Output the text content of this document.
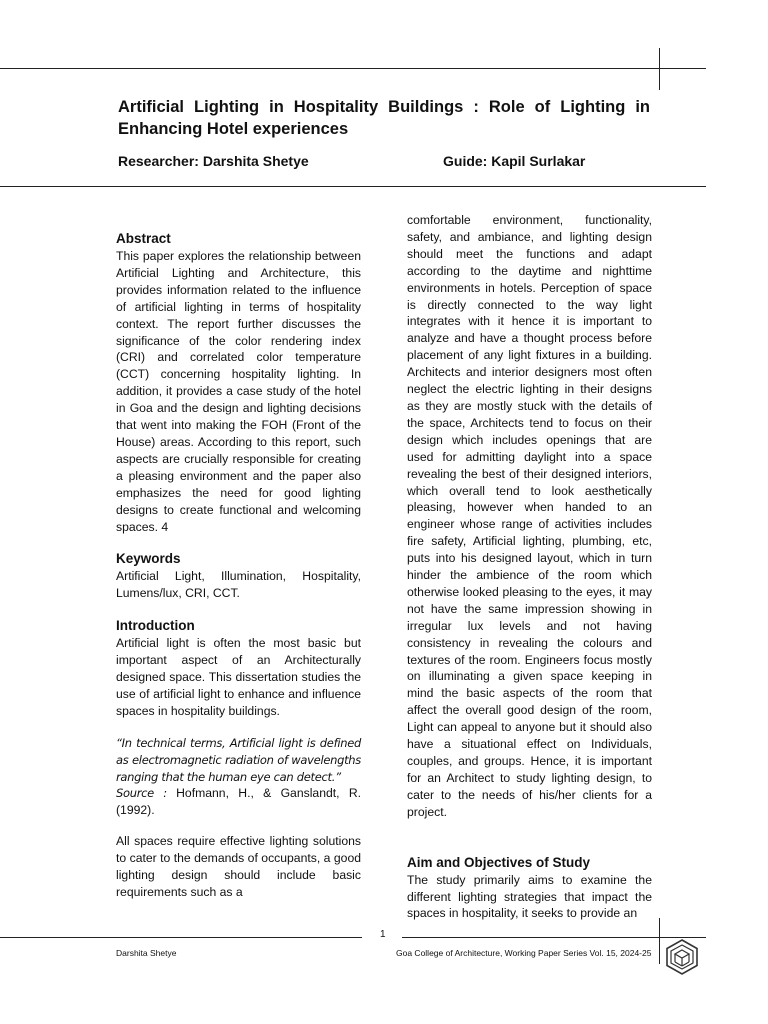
Artificial Lighting in Hospitality Buildings : Role of Lighting in Enhancing Hotel experiences

Researcher: Darshita Shetye	Guide: Kapil Surlakar

Abstract

This paper explores the relationship between Artificial Lighting and Architecture, this provides information related to the influence of artificial lighting in terms of hospitality context. The report further discusses the significance of the color rendering index (CRI) and correlated color temperature (CCT) concerning hospitality lighting. In addition, it provides a case study of the hotel in Goa and the design and lighting decisions that went into making the FOH (Front of the House) areas. According to this report, such aspects are crucially responsible for creating a pleasing environment and the paper also emphasizes the need for good lighting designs to create functional and welcoming spaces. 4

Keywords

Artificial Light, Illumination, Hospitality, Lumens/lux, CRI, CCT.

Introduction

Artificial light is often the most basic but important aspect of an Architecturally designed space. This dissertation studies the use of artificial light to enhance and influence spaces in hospitality buildings.

“In technical terms, Artificial light is defined as electromagnetic radiation of wavelengths ranging that the human eye can detect.”

Source : Hofmann, H., & Ganslandt, R. (1992).

All spaces require effective lighting solutions to cater to the demands of occupants, a good lighting design should include basic requirements such as a

comfortable environment, functionality, safety, and ambiance, and lighting design should meet the functions and adapt according to the daytime and nighttime environments in hotels. Perception of space is directly connected to the way light integrates with it hence it is important to analyze and have a thought process before placement of any light fixtures in a building. Architects and interior designers most often neglect the electric lighting in their designs as they are mostly stuck with the details of the space, Architects tend to focus on their design which includes openings that are used for admitting daylight into a space revealing the best of their designed interiors, which overall tend to look aesthetically pleasing, however when handed to an engineer whose range of activities includes fire safety, Artificial lighting, plumbing, etc, puts into his designed layout, which in turn hinder the ambience of the room which otherwise looked pleasing to the eyes, it may not have the same impression showing in irregular lux levels and not having consistency in revealing the colours and textures of the room. Engineers focus mostly on illuminating a given space keeping in mind the basic aspects of the room that affect the overall good design of the room, Light can appeal to anyone but it should also have a situational effect on Individuals, couples, and groups. Hence, it is important for an Architect to study lighting design, to cater to the needs of his/her clients for a project.

Aim and Objectives of Study

The study primarily aims to examine the different lighting strategies that impact the spaces in hospitality, it seeks to provide an

1

Darshita Shetye	Goa College of Architecture, Working Paper Series Vol. 15, 2024-25
